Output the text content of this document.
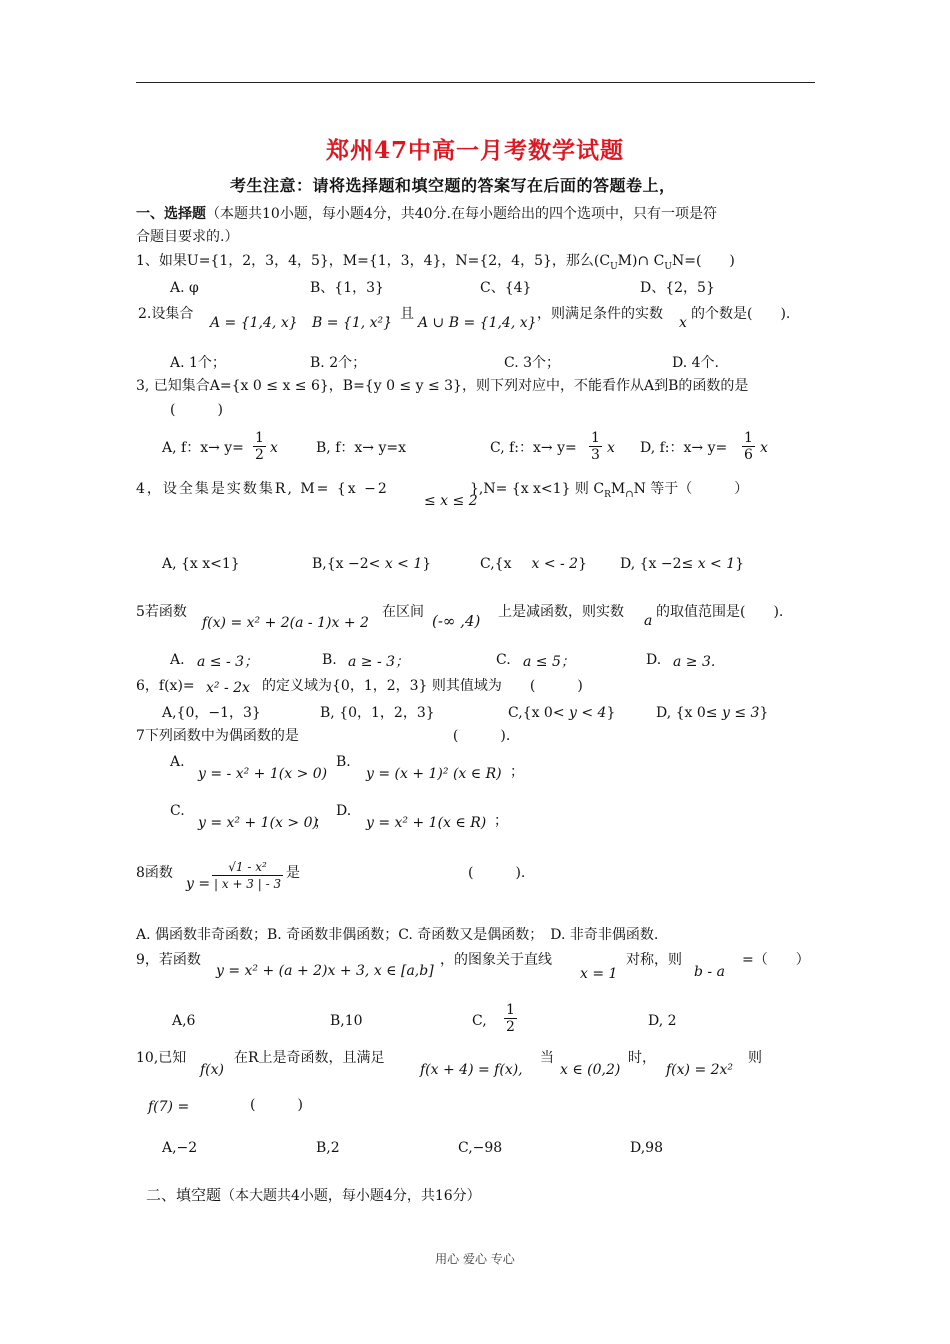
郑州47中高一月考数学试题
考生注意：请将选择题和填空题的答案写在后面的答题卷上，
一、选择题（本题共10小题，每小题4分，共40分.在每小题给出的四个选项中，只有一项是符
合题目要求的.）
1、如果U={1，2，3，4，5}，M={1，3，4}，N={2，4，5}，那么$(C_UM)\cap$ $C_UN=$(　　)
A. φ	B、{1，3}	C、{4}	D、{2，5}
2.设集合
A = {1,4, x} B = {1, x²}
，且
A ∪ B = {1,4, x}
，则满足条件的实数
x
的个数是(　　).
A. 1个；	B. 2个；	C. 3个；	D. 4个.
3, 已知集合A={x 0 ≤ x ≤ 6}，B={y 0 ≤ y ≤ 3}，则下列对应中，不能看作从A到B的函数的是
(　　　)
A, f：$x\to y= \frac{1}{2}$ x	B, f：x→ y=x	C, f:：$x\to y= \frac{1}{3}$ x D, f:：$x\to y= \frac{1}{6}$ x
4，设全集是实数集R, M= {x −2
≤ x ≤ 2
},N= {x x<1} 则 $C_RM_\cap N$ 等于（　　　）
A, {x x<1}	B,{x −2< x < 1}	C,{x x < - 2} D, {x −2≤ x < 1}
5若函数
f(x) = x² + 2(a - 1)x + 2
在区间 (-∞ ,4) 上是减函数，则实数
a
的取值范围是(　　).
A. a ≤ - 3；	B. a ≥ - 3；	C. a ≤ 5；	D. a ≥ 3.
6，f(x)= x² - 2x 的定义域为{0，1，2，3} 则其值域为　　(　　　)
A,{0，−1，3}	B, {0，1，2，3}	C,{x 0< y < 4}	D, {x 0≤ y ≤ 3}
7下列函数中为偶函数的是　　　　　　　　　　　(　　　).
A.
y = - x² + 1(x > 0)
B.
y = (x + 1)² (x ∈ R) ；
C.
y = x² + 1(x > 0)
；
D.
y = x² + 1(x ∈ R) ；
8函数
$y = \frac{\text{√1 - x²}}{| x + 3 | - 3}$ 是	(　　　).
A. 偶函数非奇函数；B. 奇函数非偶函数；C. 奇函数又是偶函数；　D. 非奇非偶函数.
9，若函数
y = x² + (a + 2)x + 3, x ∈ [a,b]
，的图象关于直线
x = 1
对称，则
b - a
=（　　）
A,6	B,10	C, $\frac{1}{2}$	D, 2
10,已知
f(x)
在R上是奇函数，且满足
f(x + 4) = f(x),
当
x ∈ (0,2)
时，
f(x) = 2x²
则
f(7) =	(　　　)
A,−2	B,2	C,−98	D,98
二、填空题（本大题共4小题，每小题4分，共16分）
用心 爱心 专心
